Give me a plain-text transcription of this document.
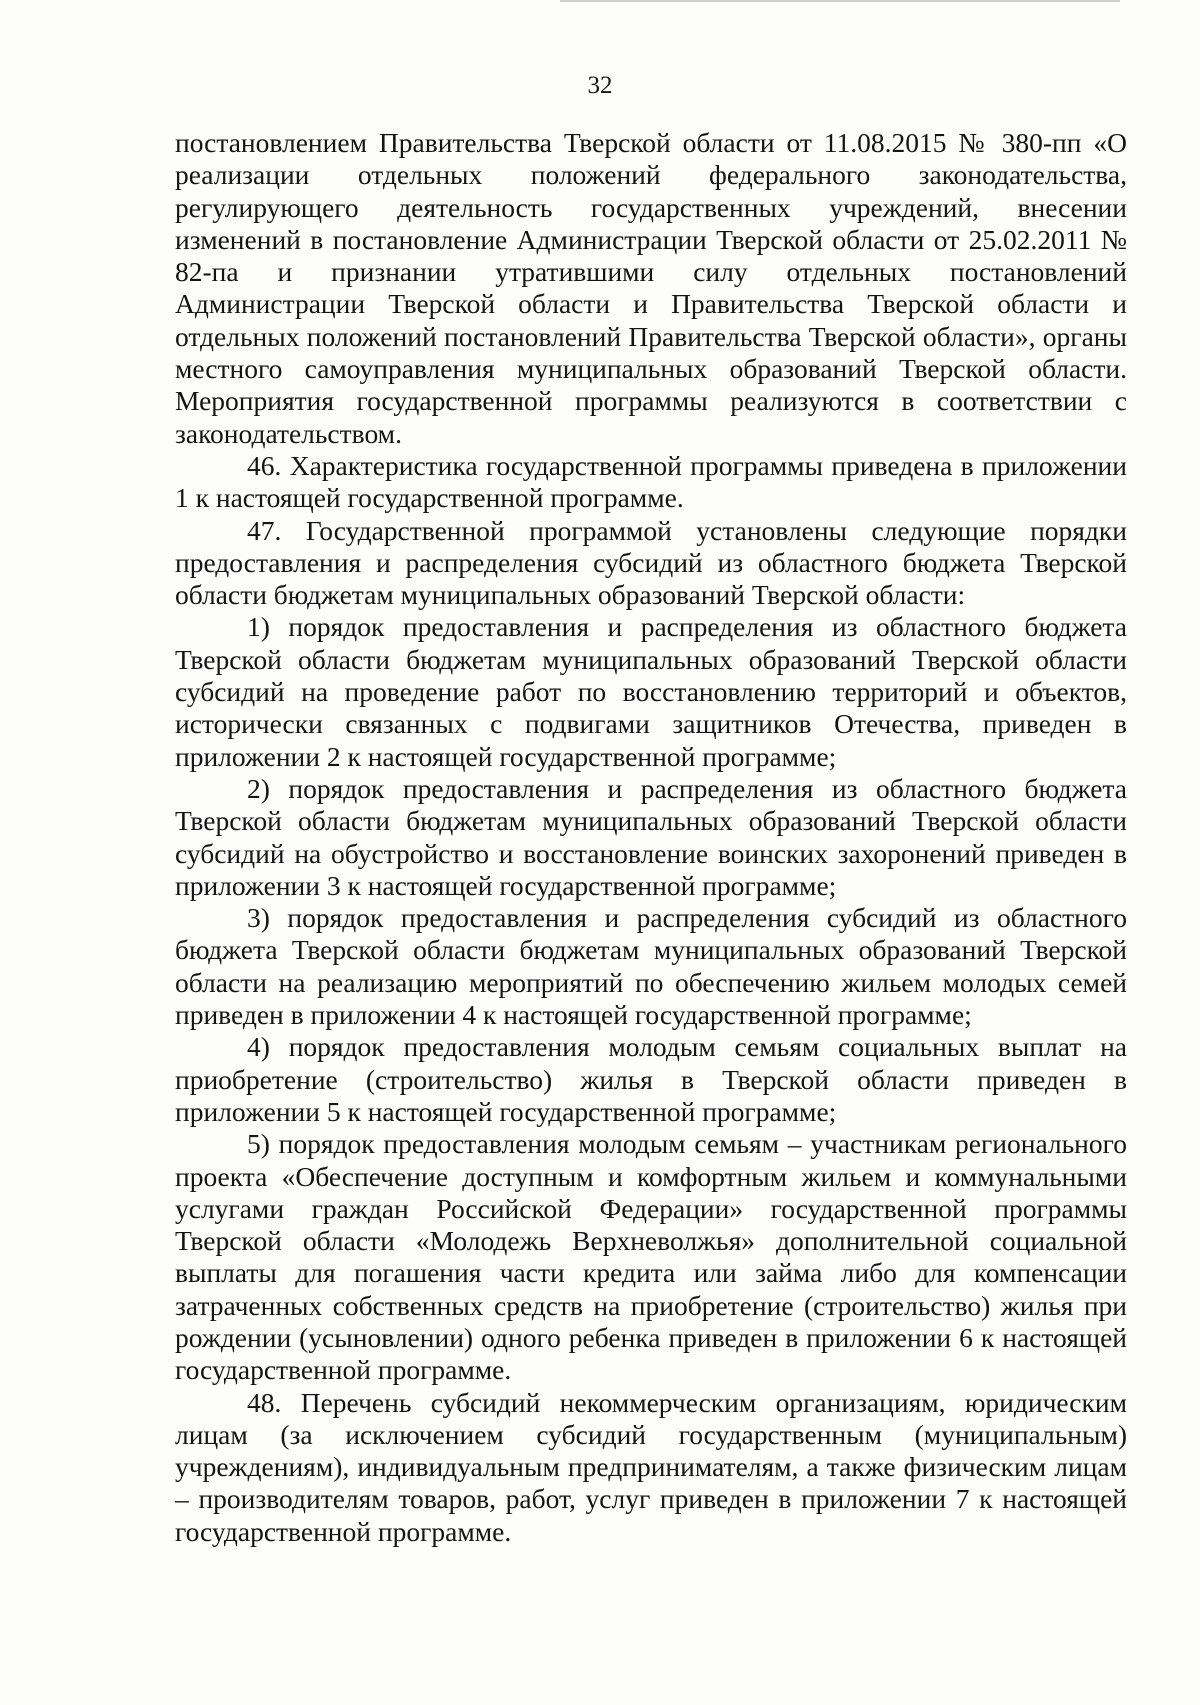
32

постановлением Правительства Тверской области от 11.08.2015 № 380-пп «О реализации отдельных положений федерального законодательства, регулирующего деятельность государственных учреждений, внесении изменений в постановление Администрации Тверской области от 25.02.2011 № 82-па и признании утратившими силу отдельных постановлений Администрации Тверской области и Правительства Тверской области и отдельных положений постановлений Правительства Тверской области», органы местного самоуправления муниципальных образований Тверской области. Мероприятия государственной программы реализуются в соответствии с законодательством.

46. Характеристика государственной программы приведена в приложении 1 к настоящей государственной программе.

47. Государственной программой установлены следующие порядки предоставления и распределения субсидий из областного бюджета Тверской области бюджетам муниципальных образований Тверской области:

1) порядок предоставления и распределения из областного бюджета Тверской области бюджетам муниципальных образований Тверской области субсидий на проведение работ по восстановлению территорий и объектов, исторически связанных с подвигами защитников Отечества, приведен в приложении 2 к настоящей государственной программе;

2) порядок предоставления и распределения из областного бюджета Тверской области бюджетам муниципальных образований Тверской области субсидий на обустройство и восстановление воинских захоронений приведен в приложении 3 к настоящей государственной программе;

3) порядок предоставления и распределения субсидий из областного бюджета Тверской области бюджетам муниципальных образований Тверской области на реализацию мероприятий по обеспечению жильем молодых семей приведен в приложении 4 к настоящей государственной программе;

4) порядок предоставления молодым семьям социальных выплат на приобретение (строительство) жилья в Тверской области приведен в приложении 5 к настоящей государственной программе;

5) порядок предоставления молодым семьям – участникам регионального проекта «Обеспечение доступным и комфортным жильем и коммунальными услугами граждан Российской Федерации» государственной программы Тверской области «Молодежь Верхневолжья» дополнительной социальной выплаты для погашения части кредита или займа либо для компенсации затраченных собственных средств на приобретение (строительство) жилья при рождении (усыновлении) одного ребенка приведен в приложении 6 к настоящей государственной программе.

48. Перечень субсидий некоммерческим организациям, юридическим лицам (за исключением субсидий государственным (муниципальным) учреждениям), индивидуальным предпринимателям, а также физическим лицам – производителям товаров, работ, услуг приведен в приложении 7 к настоящей государственной программе.
